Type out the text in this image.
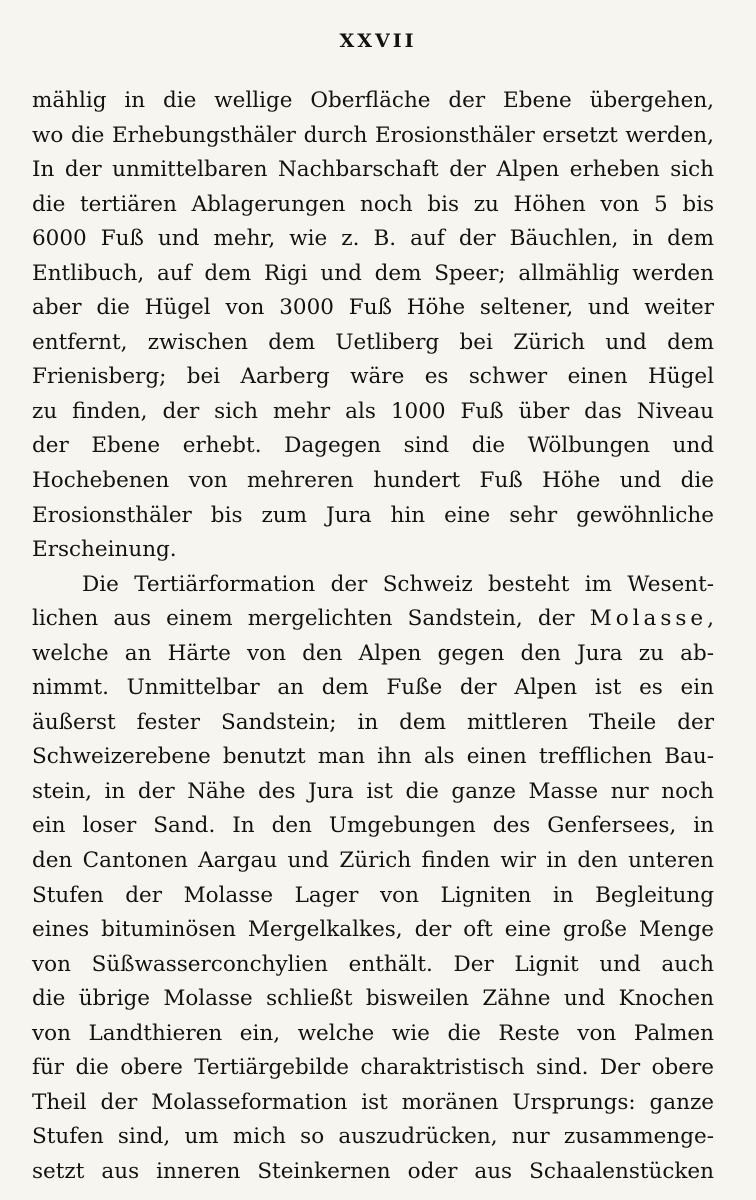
XXVII
mählig in die wellige Oberfläche der Ebene übergehen,
wo die Erhebungsthäler durch Erosionsthäler ersetzt werden,
In der unmittelbaren Nachbarschaft der Alpen erheben sich
die tertiären Ablagerungen noch bis zu Höhen von 5 bis
6000 Fuß und mehr, wie z. B. auf der Bäuchlen, in dem
Entlibuch, auf dem Rigi und dem Speer; allmählig werden
aber die Hügel von 3000 Fuß Höhe seltener, und weiter
entfernt, zwischen dem Uetliberg bei Zürich und dem
Frienisberg; bei Aarberg wäre es schwer einen Hügel
zu finden, der sich mehr als 1000 Fuß über das Niveau
der Ebene erhebt. Dagegen sind die Wölbungen und
Hochebenen von mehreren hundert Fuß Höhe und die
Erosionsthäler bis zum Jura hin eine sehr gewöhnliche
Erscheinung.
Die Tertiärformation der Schweiz besteht im Wesent-
lichen aus einem mergelichten Sandstein, der Molasse,
welche an Härte von den Alpen gegen den Jura zu ab-
nimmt. Unmittelbar an dem Fuße der Alpen ist es ein
äußerst fester Sandstein; in dem mittleren Theile der
Schweizerebene benutzt man ihn als einen trefflichen Bau-
stein, in der Nähe des Jura ist die ganze Masse nur noch
ein loser Sand. In den Umgebungen des Genfersees, in
den Cantonen Aargau und Zürich finden wir in den unteren
Stufen der Molasse Lager von Ligniten in Begleitung
eines bituminösen Mergelkalkes, der oft eine große Menge
von Süßwasserconchylien enthält. Der Lignit und auch
die übrige Molasse schließt bisweilen Zähne und Knochen
von Landthieren ein, welche wie die Reste von Palmen
für die obere Tertiärgebilde charaktristisch sind. Der obere
Theil der Molasseformation ist moränen Ursprungs: ganze
Stufen sind, um mich so auszudrücken, nur zusammenge-
setzt aus inneren Steinkernen oder aus Schaalenstücken
